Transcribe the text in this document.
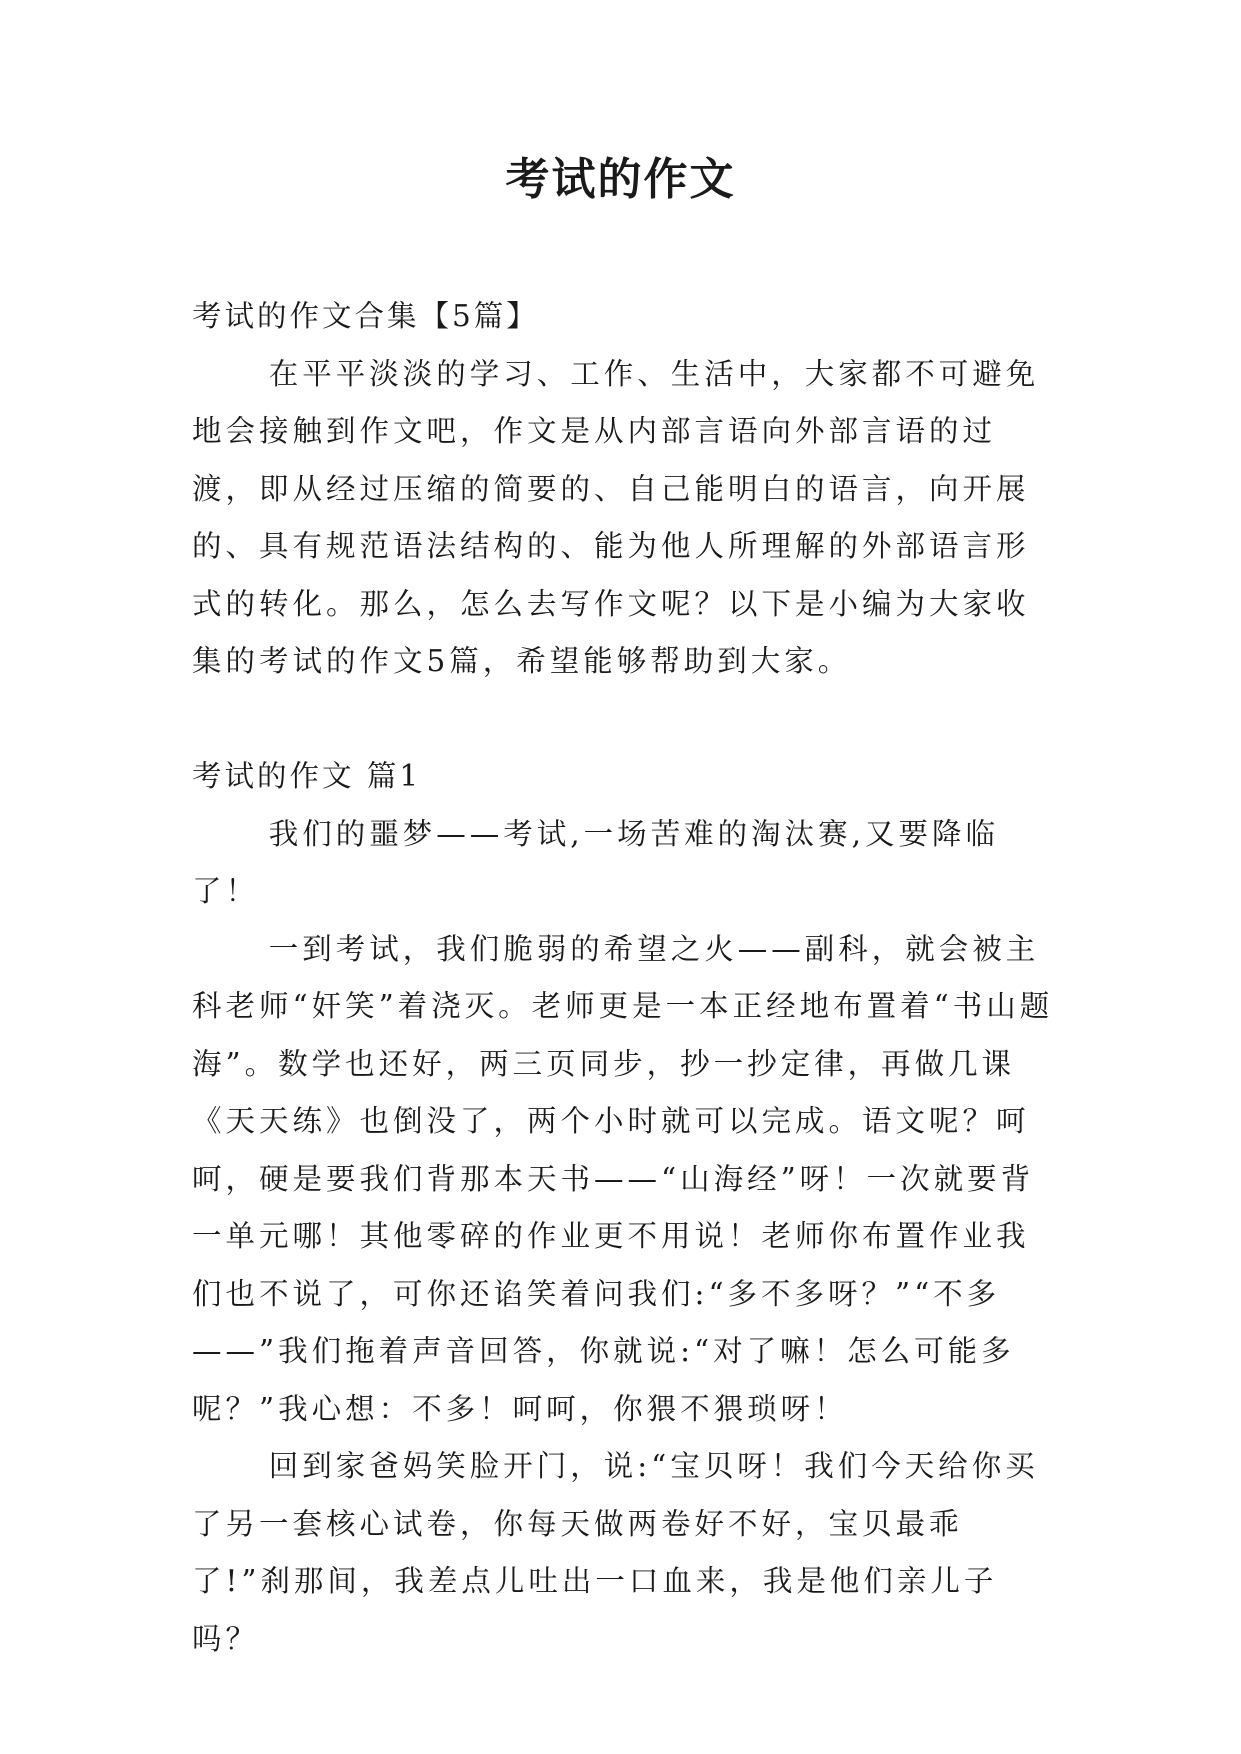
考试的作文

考试的作文合集【5篇】

在平平淡淡的学习、工作、生活中，大家都不可避免地会接触到作文吧，作文是从内部言语向外部言语的过渡，即从经过压缩的简要的、自己能明白的语言，向开展的、具有规范语法结构的、能为他人所理解的外部语言形式的转化。那么，怎么去写作文呢？以下是小编为大家收集的考试的作文5篇，希望能够帮助到大家。

考试的作文 篇1

我们的噩梦——考试,一场苦难的淘汰赛,又要降临了！

一到考试，我们脆弱的希望之火——副科，就会被主科老师“奸笑”着浇灭。老师更是一本正经地布置着“书山题海”。数学也还好，两三页同步，抄一抄定律，再做几课《天天练》也倒没了，两个小时就可以完成。语文呢？呵呵，硬是要我们背那本天书——“山海经”呀！一次就要背一单元哪！其他零碎的作业更不用说！老师你布置作业我们也不说了，可你还谄笑着问我们:“多不多呀？”“不多——”我们拖着声音回答，你就说:“对了嘛！怎么可能多呢？”我心想：不多！呵呵，你猥不猥琐呀！

回到家爸妈笑脸开门，说:“宝贝呀！我们今天给你买了另一套核心试卷，你每天做两卷好不好，宝贝最乖了!”刹那间，我差点儿吐出一口血来，我是他们亲儿子吗？
